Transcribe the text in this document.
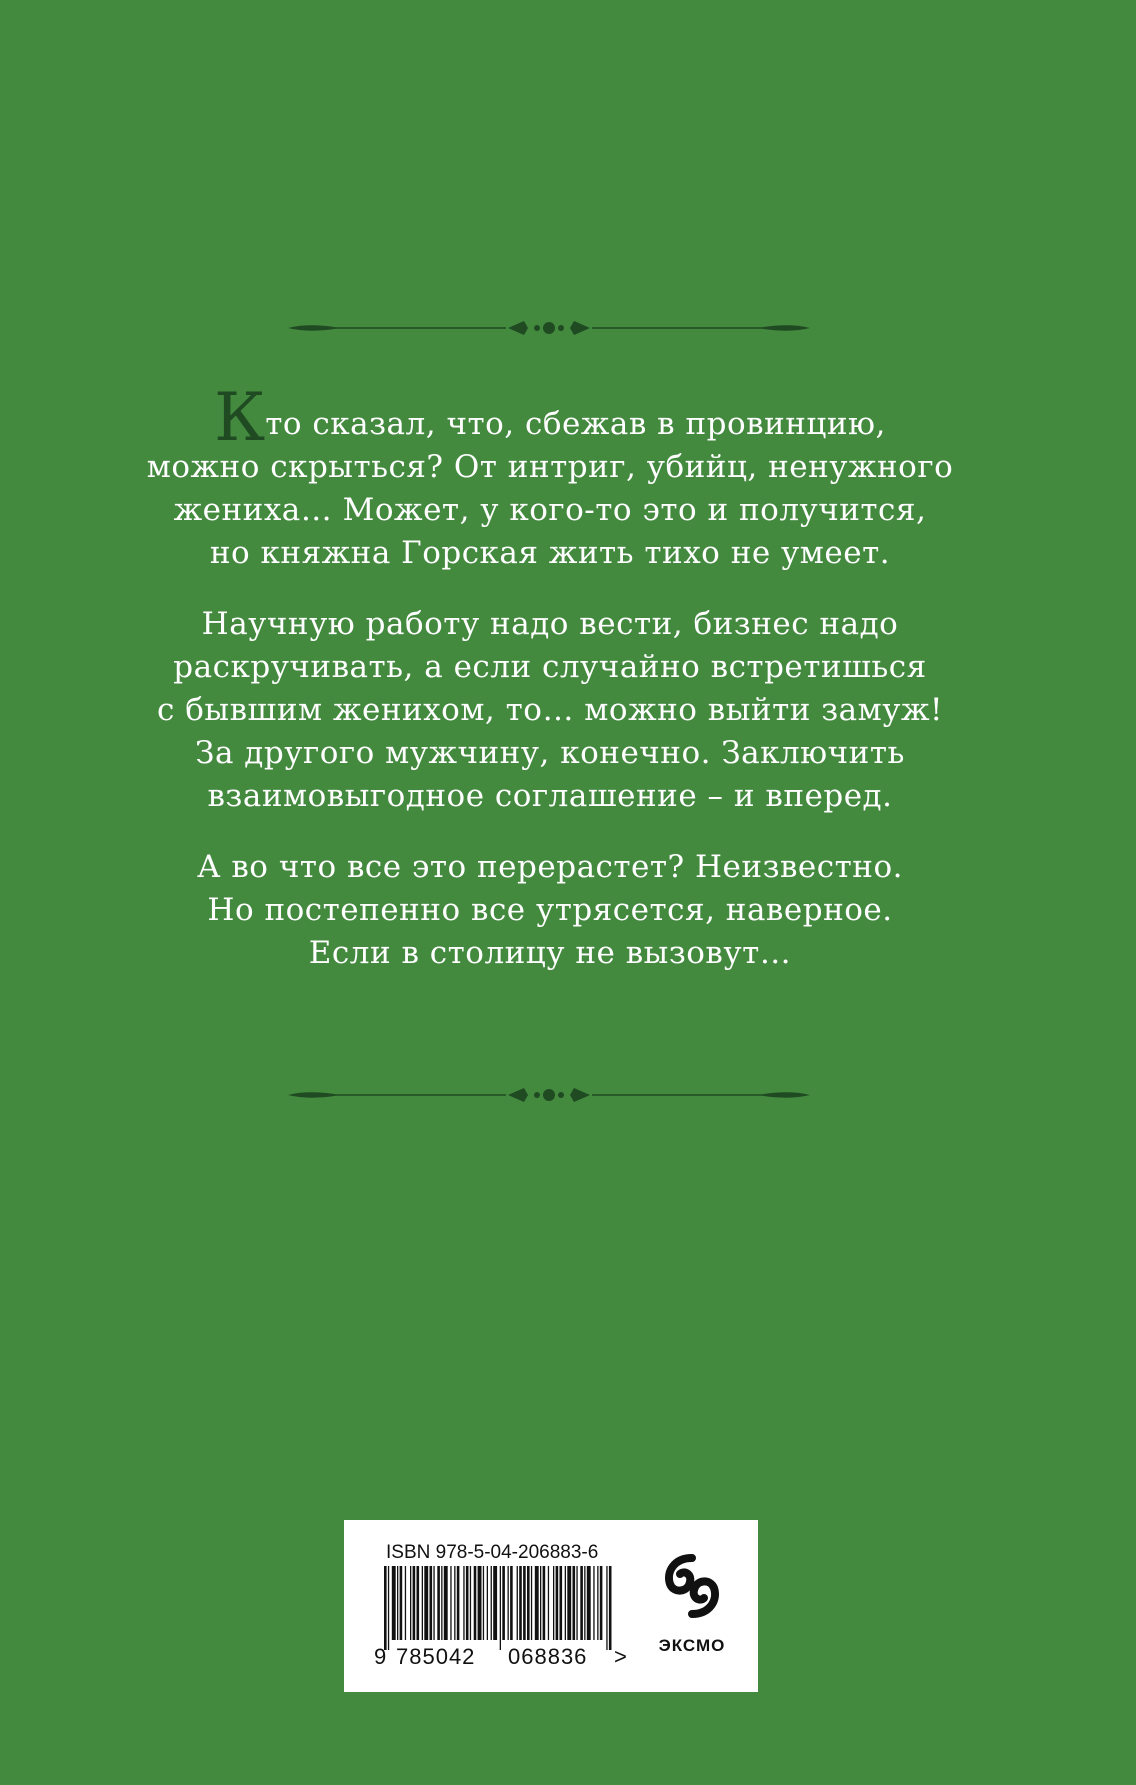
Кто сказал, что, сбежав в провинцию,
можно скрыться? От интриг, убийц, ненужного
жениха… Может, у кого-то это и получится,
но княжна Горская жить тихо не умеет.

Научную работу надо вести, бизнес надо
раскручивать, а если случайно встретишься
с бывшим женихом, то… можно выйти замуж!
За другого мужчину, конечно. Заключить
взаимовыгодное соглашение – и вперед.

А во что все это перерастет? Неизвестно.
Но постепенно все утрясется, наверное.
Если в столицу не вызовут…

ISBN 978-5-04-206883-6
9 785042 068836 >	ЭКСМО
